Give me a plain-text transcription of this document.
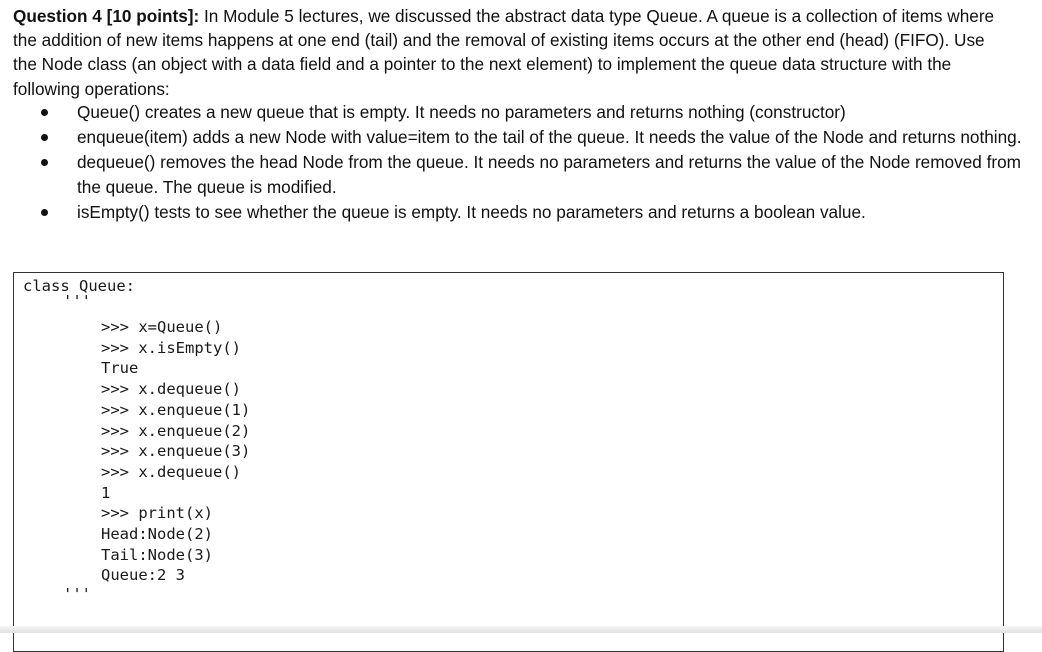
Question 4 [10 points]: In Module 5 lectures, we discussed the abstract data type Queue. A queue is a collection of items where the addition of new items happens at one end (tail) and the removal of existing items occurs at the other end (head) (FIFO). Use the Node class (an object with a data field and a pointer to the next element) to implement the queue data structure with the following operations:

Queue() creates a new queue that is empty. It needs no parameters and returns nothing (constructor)
enqueue(item) adds a new Node with value=item to the tail of the queue. It needs the value of the Node and returns nothing.
dequeue() removes the head Node from the queue. It needs no parameters and returns the value of the Node removed from the queue. The queue is modified.
isEmpty() tests to see whether the queue is empty. It needs no parameters and returns a boolean value.
class Queue:
'''
>>> x=Queue()
>>> x.isEmpty()
True
>>> x.dequeue()
>>> x.enqueue(1)
>>> x.enqueue(2)
>>> x.enqueue(3)
>>> x.dequeue()
1
>>> print(x)
Head:Node(2)
Tail:Node(3)
Queue:2 3
'''
